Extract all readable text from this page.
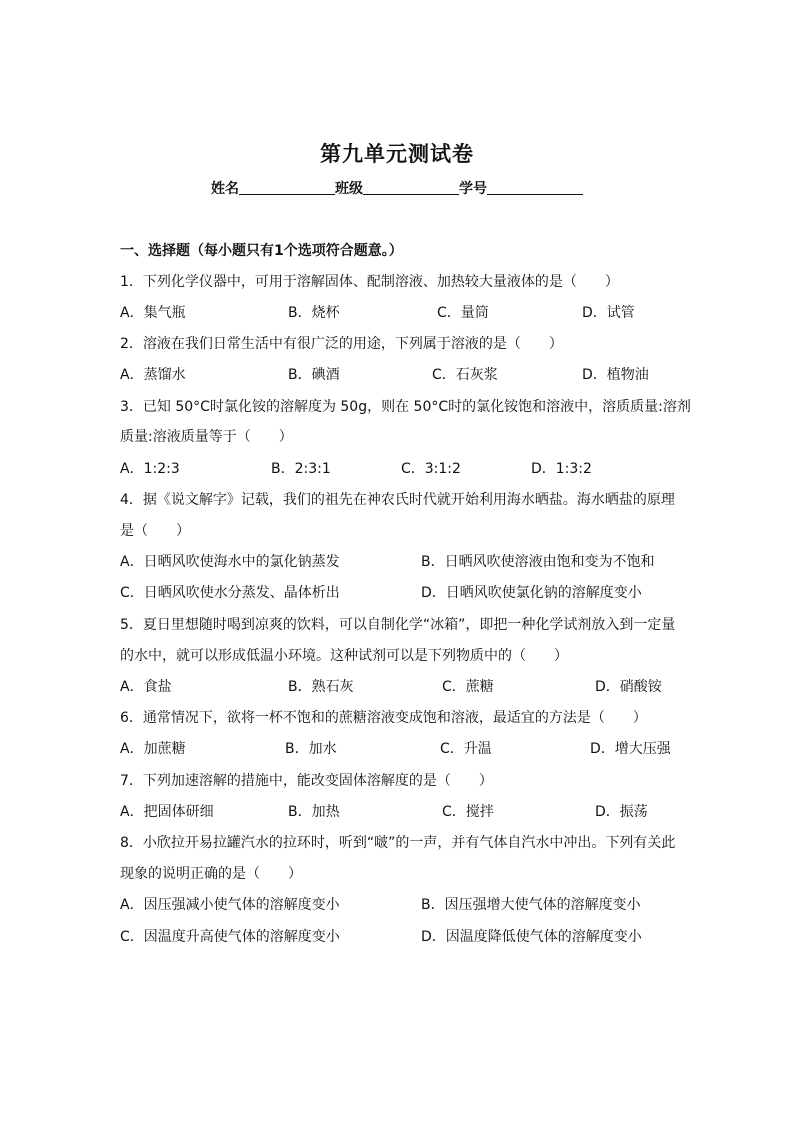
第九单元测试卷
姓名	班级	学号
一、选择题（每小题只有1个选项符合题意。）
1．下列化学仪器中，可用于溶解固体、配制溶液、加热较大量液体的是（　　）
A．集气瓶	B．烧杯	C．量筒	D．试管
2．溶液在我们日常生活中有很广泛的用途，下列属于溶液的是（　　）
A．蒸馏水	B．碘酒	C．石灰浆	D．植物油
3．已知 50°C时氯化铵的溶解度为 50g，则在 50°C时的氯化铵饱和溶液中，溶质质量:溶剂
质量:溶液质量等于（　　）
A．1:2:3	B．2:3:1	C．3:1:2	D．1:3:2
4．据《说文解字》记载，我们的祖先在神农氏时代就开始利用海水晒盐。海水晒盐的原理
是（　　）
A．日晒风吹使海水中的氯化钠蒸发	B．日晒风吹使溶液由饱和变为不饱和
C．日晒风吹使水分蒸发、晶体析出	D．日晒风吹使氯化钠的溶解度变小
5．夏日里想随时喝到凉爽的饮料，可以自制化学“冰箱”，即把一种化学试剂放入到一定量
的水中，就可以形成低温小环境。这种试剂可以是下列物质中的（　　）
A．食盐	B．熟石灰	C．蔗糖	D．硝酸铵
6．通常情况下，欲将一杯不饱和的蔗糖溶液变成饱和溶液，最适宜的方法是（　　）
A．加蔗糖	B．加水	C．升温	D．增大压强
7．下列加速溶解的措施中，能改变固体溶解度的是（　　）
A．把固体研细	B．加热	C．搅拌	D．振荡
8．小欣拉开易拉罐汽水的拉环时，听到“啵”的一声，并有气体自汽水中冲出。下列有关此
现象的说明正确的是（　　）
A．因压强减小使气体的溶解度变小	B．因压强增大使气体的溶解度变小
C．因温度升高使气体的溶解度变小	D．因温度降低使气体的溶解度变小
